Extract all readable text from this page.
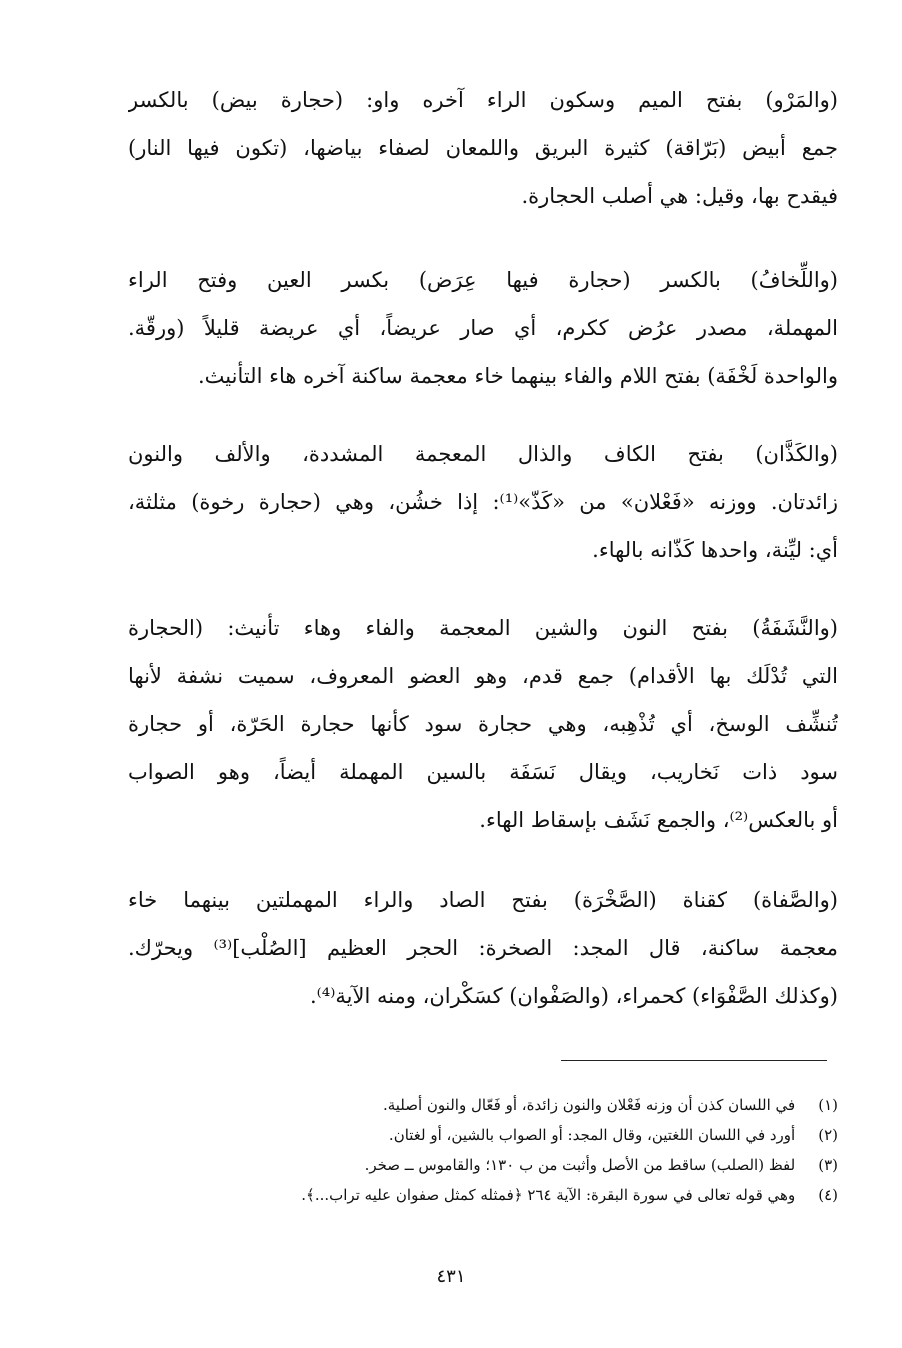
(والمَرْو) بفتح الميم وسكون الراء آخره واو: (حجارة بيض) بالكسر
جمع أبيض (بَرّاقة) كثيرة البريق واللمعان لصفاء بياضها، (تكون فيها النار)
فيقدح بها، وقيل: هي أصلب الحجارة.
(واللِّخافُ) بالكسر (حجارة فيها عِرَض) بكسر العين وفتح الراء
المهملة، مصدر عرُض ككرم، أي صار عريضاً، أي عريضة قليلاً (ورقّة.
والواحدة لَخْفَة) بفتح اللام والفاء بينهما خاء معجمة ساكنة آخره هاء التأنيث.
(والكَذَّان) بفتح الكاف والذال المعجمة المشددة، والألف والنون
زائدتان. ووزنه «فَعْلان» من «كَذّ»⁽¹⁾: إذا خشُن، وهي (حجارة رخوة) مثلثة،
أي: ليِّنة، واحدها كَذّانه بالهاء.
(والنَّشَفَةُ) بفتح النون والشين المعجمة والفاء وهاء تأنيث: (الحجارة
التي تُدْلَك بها الأقدام) جمع قدم، وهو العضو المعروف، سميت نشفة لأنها
تُنشِّف الوسخ، أي تُذْهِبه، وهي حجارة سود كأنها حجارة الحَرّة، أو حجارة
سود ذات نَخاريب، ويقال نَسَفَة بالسين المهملة أيضاً، وهو الصواب
أو بالعكس⁽²⁾، والجمع نَشَف بإسقاط الهاء.
(والصَّفاة) كقناة (الصَّخْرَة) بفتح الصاد والراء المهملتين بينهما خاء
معجمة ساكنة، قال المجد: الصخرة: الحجر العظيم [الصُلْب]⁽³⁾ ويحرّك.
(وكذلك الصَّفْوَاء) كحمراء، (والصَفْوان) كسَكْران، ومنه الآية⁽⁴⁾.
(١) في اللسان كذن أن وزنه فَعْلان والنون زائدة، أو فَعّال والنون أصلية.
(٢) أورد في اللسان اللغتين، وقال المجد: أو الصواب بالشين، أو لغتان.
(٣) لفظ (الصلب) ساقط من الأصل وأثبت من ب ١٣٠؛ والقاموس ــ صخر.
(٤) وهي قوله تعالى في سورة البقرة: الآية ٢٦٤ ﴿فمثله كمثل صفوان عليه تراب...﴾.
٤٣١
